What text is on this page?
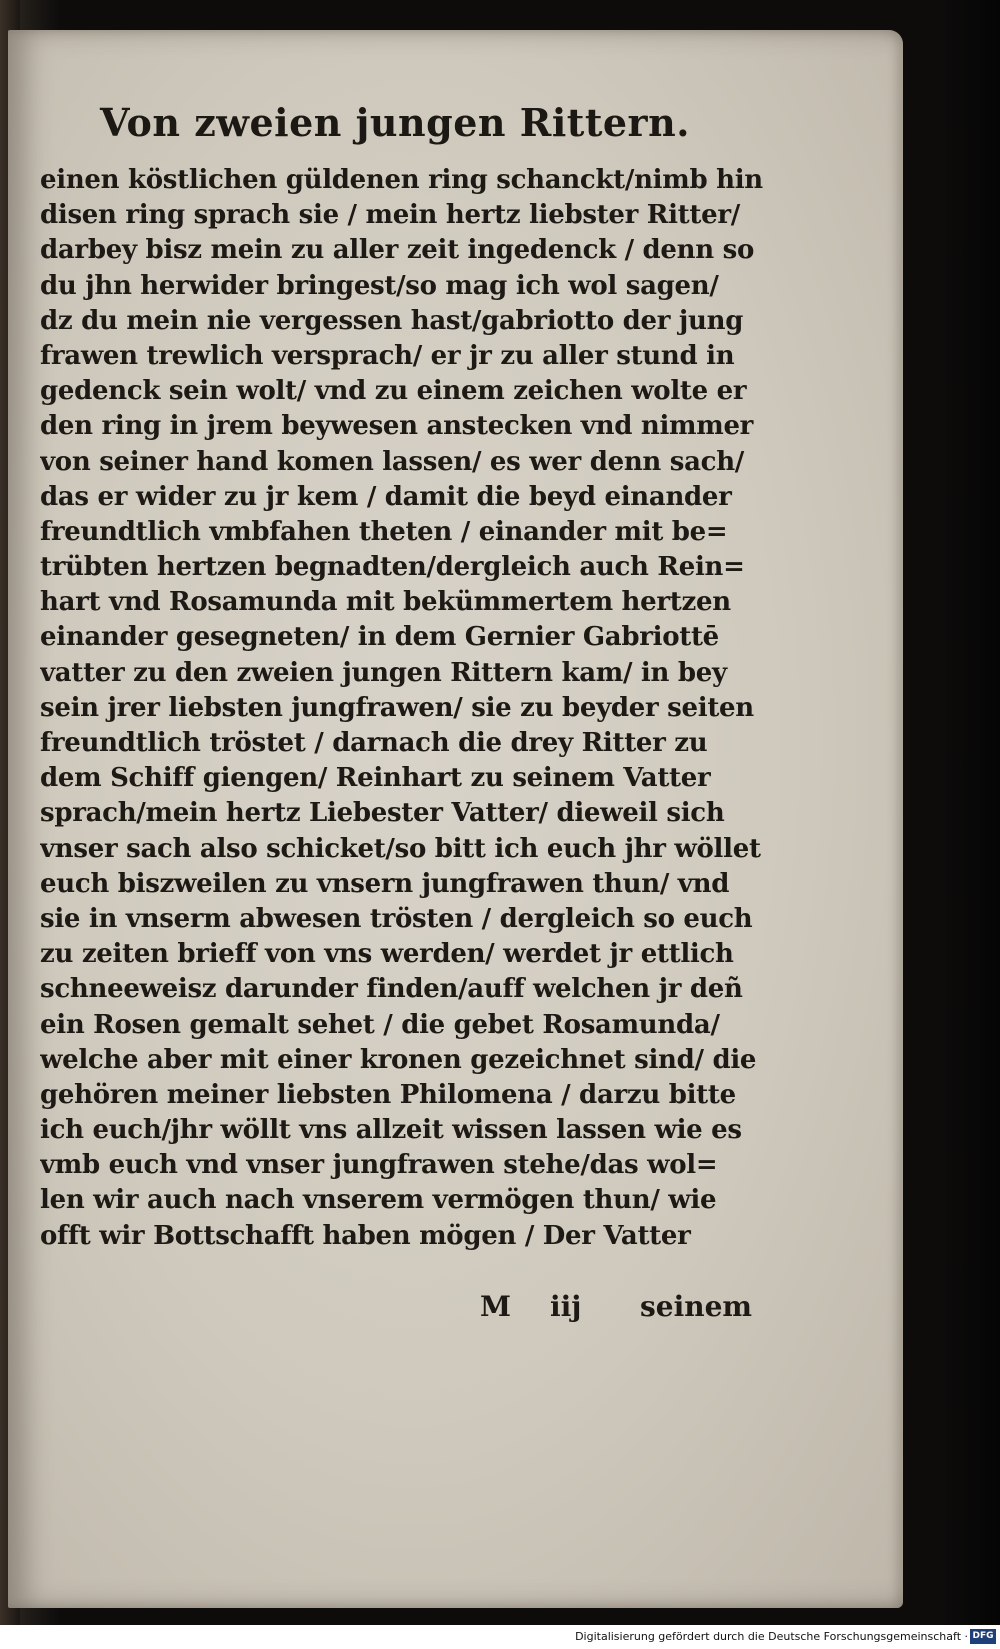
Von zweien jungen Rittern.
einen köstlichen güldenen ring schanckt/nimb hin
disen ring sprach sie / mein hertz liebster Ritter/
darbey bisz mein zu aller zeit ingedenck / denn so
du jhn herwider bringest/so mag ich wol sagen/
dz du mein nie vergessen hast/gabriotto der jung
frawen trewlich versprach/ er jr zu aller stund in
gedenck sein wolt/ vnd zu einem zeichen wolte er
den ring in jrem beywesen anstecken vnd nimmer
von seiner hand komen lassen/ es wer denn sach/
das er wider zu jr kem / damit die beyd einander
freundtlich vmbfahen theten / einander mit be=
trübten hertzen begnadten/dergleich auch Rein=
hart vnd Rosamunda mit bekümmertem hertzen
einander gesegneten/ in dem Gernier Gabriottē
vatter zu den zweien jungen Rittern kam/ in bey
sein jrer liebsten jungfrawen/ sie zu beyder seiten
freundtlich tröstet / darnach die drey Ritter zu
dem Schiff giengen/ Reinhart zu seinem Vatter
sprach/mein hertz Liebester Vatter/ dieweil sich
vnser sach also schicket/so bitt ich euch jhr wöllet
euch biszweilen zu vnsern jungfrawen thun/ vnd
sie in vnserm abwesen trösten / dergleich so euch
zu zeiten brieff von vns werden/ werdet jr ettlich
schneeweisz darunder finden/auff welchen jr deñ
ein Rosen gemalt sehet / die gebet Rosamunda/
welche aber mit einer kronen gezeichnet sind/ die
gehören meiner liebsten Philomena / darzu bitte
ich euch/jhr wöllt vns allzeit wissen lassen wie es
vmb euch vnd vnser jungfrawen stehe/das wol=
len wir auch nach vnserem vermögen thun/ wie
offt wir Bottschafft haben mögen / Der Vatter
M iij seinem
Digitalisierung gefördert durch die Deutsche Forschungsgemeinschaft · DFG
